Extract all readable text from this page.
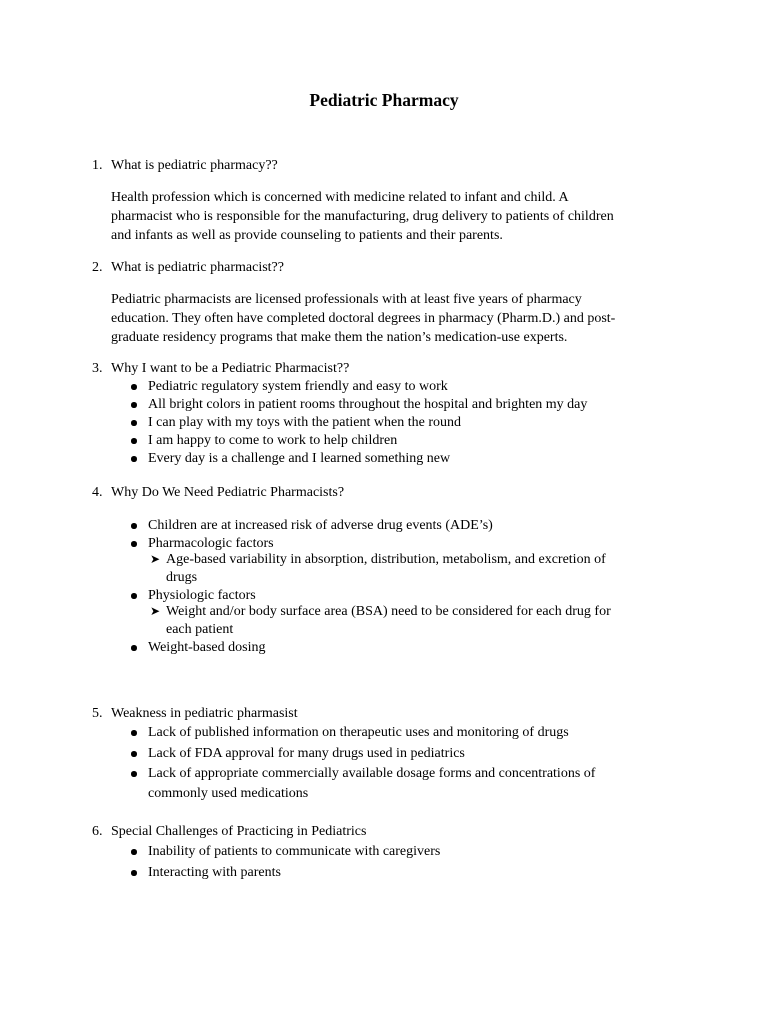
Pediatric Pharmacy
1. What is pediatric pharmacy??
Health profession which is concerned with medicine related to infant and child. A
pharmacist who is responsible for the manufacturing, drug delivery to patients of children
and infants as well as provide counseling to patients and their parents.
2. What is pediatric pharmacist??
Pediatric pharmacists are licensed professionals with at least five years of pharmacy
education. They often have completed doctoral degrees in pharmacy (Pharm.D.) and post-
graduate residency programs that make them the nation’s medication-use experts.
3. Why I want to be a Pediatric Pharmacist??
Pediatric regulatory system friendly and easy to work
All bright colors in patient rooms throughout the hospital and brighten my day
I can play with my toys with the patient when the round
I am happy to come to work to help children
Every day is a challenge and I learned something new
4. Why Do We Need Pediatric Pharmacists?
Children are at increased risk of adverse drug events (ADE’s)
Pharmacologic factors
➤ Age-based variability in absorption, distribution, metabolism, and excretion of
drugs
Physiologic factors
➤ Weight and/or body surface area (BSA) need to be considered for each drug for
each patient
Weight-based dosing
5. Weakness in pediatric pharmasist
Lack of published information on therapeutic uses and monitoring of drugs
Lack of FDA approval for many drugs used in pediatrics
Lack of appropriate commercially available dosage forms and concentrations of
commonly used medications
6. Special Challenges of Practicing in Pediatrics
Inability of patients to communicate with caregivers
Interacting with parents
